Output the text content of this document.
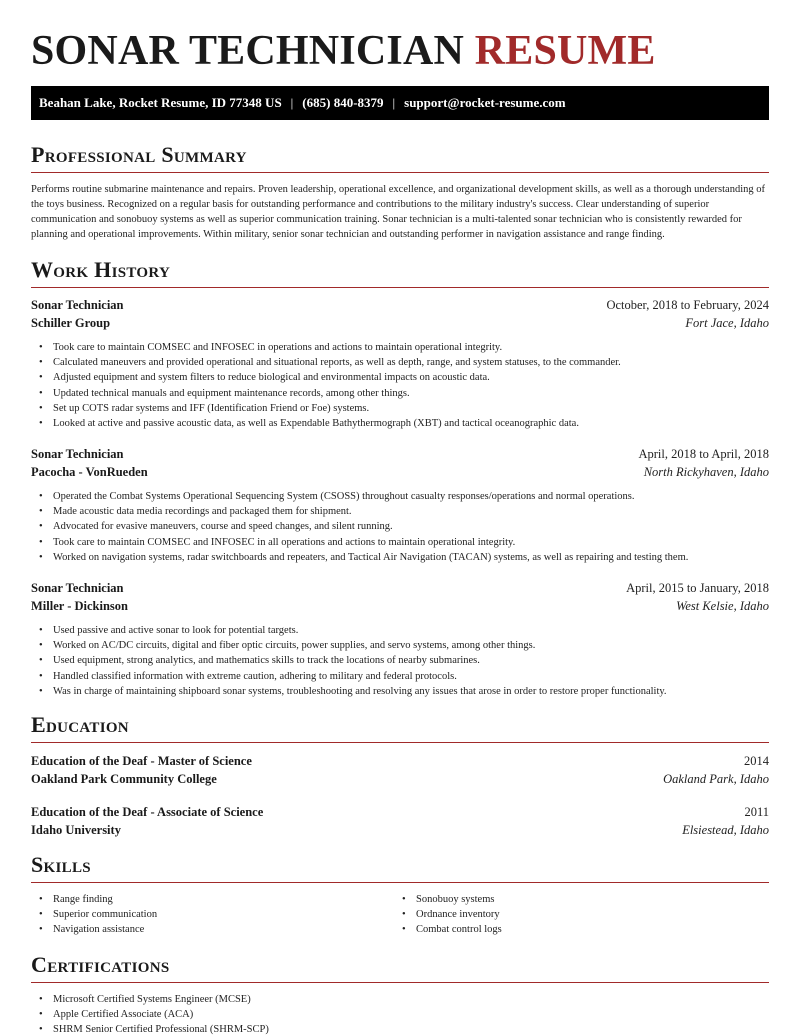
SONAR TECHNICIAN RESUME
Beahan Lake, Rocket Resume, ID 77348 US | (685) 840-8379 | support@rocket-resume.com
Professional Summary

Performs routine submarine maintenance and repairs. Proven leadership, operational excellence, and organizational development skills, as well as a thorough understanding of the toys business. Recognized on a regular basis for outstanding performance and contributions to the military industry's success. Clear understanding of superior communication and sonobuoy systems as well as superior communication training. Sonar technician is a multi-talented sonar technician who is consistently rewarded for planning and operational improvements. Within military, senior sonar technician and outstanding performer in navigation assistance and range finding.

Work History
Sonar Technician	October, 2018 to February, 2024
Schiller Group	Fort Jace, Idaho
• Took care to maintain COMSEC and INFOSEC in operations and actions to maintain operational integrity.
• Calculated maneuvers and provided operational and situational reports, as well as depth, range, and system statuses, to the commander.
• Adjusted equipment and system filters to reduce biological and environmental impacts on acoustic data.
• Updated technical manuals and equipment maintenance records, among other things.
• Set up COTS radar systems and IFF (Identification Friend or Foe) systems.
• Looked at active and passive acoustic data, as well as Expendable Bathythermograph (XBT) and tactical oceanographic data.
Sonar Technician	April, 2018 to April, 2018
Pacocha - VonRueden	North Rickyhaven, Idaho
• Operated the Combat Systems Operational Sequencing System (CSOSS) throughout casualty responses/operations and normal operations.
• Made acoustic data media recordings and packaged them for shipment.
• Advocated for evasive maneuvers, course and speed changes, and silent running.
• Took care to maintain COMSEC and INFOSEC in all operations and actions to maintain operational integrity.
• Worked on navigation systems, radar switchboards and repeaters, and Tactical Air Navigation (TACAN) systems, as well as repairing and testing them.
Sonar Technician	April, 2015 to January, 2018
Miller - Dickinson	West Kelsie, Idaho
• Used passive and active sonar to look for potential targets.
• Worked on AC/DC circuits, digital and fiber optic circuits, power supplies, and servo systems, among other things.
• Used equipment, strong analytics, and mathematics skills to track the locations of nearby submarines.
• Handled classified information with extreme caution, adhering to military and federal protocols.
• Was in charge of maintaining shipboard sonar systems, troubleshooting and resolving any issues that arose in order to restore proper functionality.
Education
Education of the Deaf - Master of Science	2014
Oakland Park Community College	Oakland Park, Idaho
Education of the Deaf - Associate of Science	2011
Idaho University	Elsiestead, Idaho
Skills
• Range finding
• Superior communication
• Navigation assistance
• Sonobuoy systems
• Ordnance inventory
• Combat control logs
Certifications
• Microsoft Certified Systems Engineer (MCSE)
• Apple Certified Associate (ACA)
• SHRM Senior Certified Professional (SHRM-SCP)
